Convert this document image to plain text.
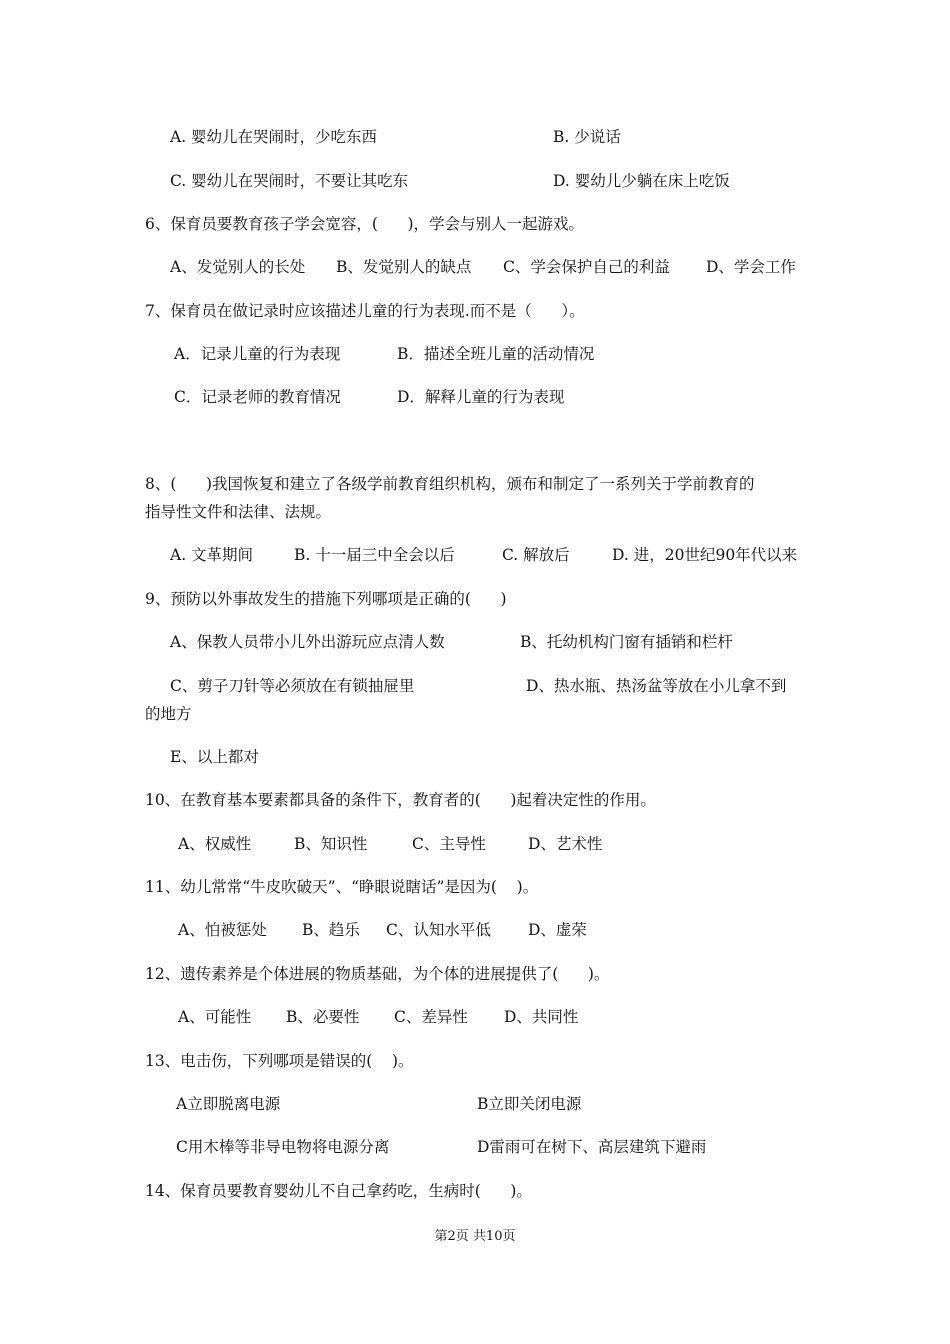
A. 婴幼儿在哭闹时，少吃东西	B. 少说话
C. 婴幼儿在哭闹时，不要让其吃东	D. 婴幼儿少躺在床上吃饭
6、保育员要教育孩子学会宽容，(      )，学会与别人一起游戏。
A、发觉别人的长处 B、发觉别人的缺点 C、学会保护自己的利益 D、学会工作
7、保育员在做记录时应该描述儿童的行为表现.而不是（      ）。
A．记录儿童的行为表现	B．描述全班儿童的活动情况
C．记录老师的教育情况	D．解释儿童的行为表现
8、(      )我国恢复和建立了各级学前教育组织机构，颁布和制定了一系列关于学前教育的
指导性文件和法律、法规。
A. 文革期间	B. 十一届三中全会以后	C. 解放后	D. 进，20世纪90年代以来
9、预防以外事故发生的措施下列哪项是正确的(      )
A、保教人员带小儿外出游玩应点清人数	B、托幼机构门窗有插销和栏杆
C、剪子刀针等必须放在有锁抽屉里	D、热水瓶、热汤盆等放在小儿拿不到
的地方
E、以上都对
10、在教育基本要素都具备的条件下，教育者的(      )起着决定性的作用。
A、权威性	B、知识性	C、主导性	D、艺术性
11、幼儿常常“牛皮吹破天”、“睁眼说瞎话”是因为(    )。
A、怕被惩处 B、趋乐 C、认知水平低 D、虚荣
12、遗传素养是个体进展的物质基础，为个体的进展提供了(      )。
A、可能性 B、必要性 C、差异性 D、共同性
13、电击伤，下列哪项是错误的(    )。
A立即脱离电源	B立即关闭电源
C用木棒等非导电物将电源分离	D雷雨可在树下、高层建筑下避雨
14、保育员要教育婴幼儿不自己拿药吃，生病时(      )。
第2页 共10页
